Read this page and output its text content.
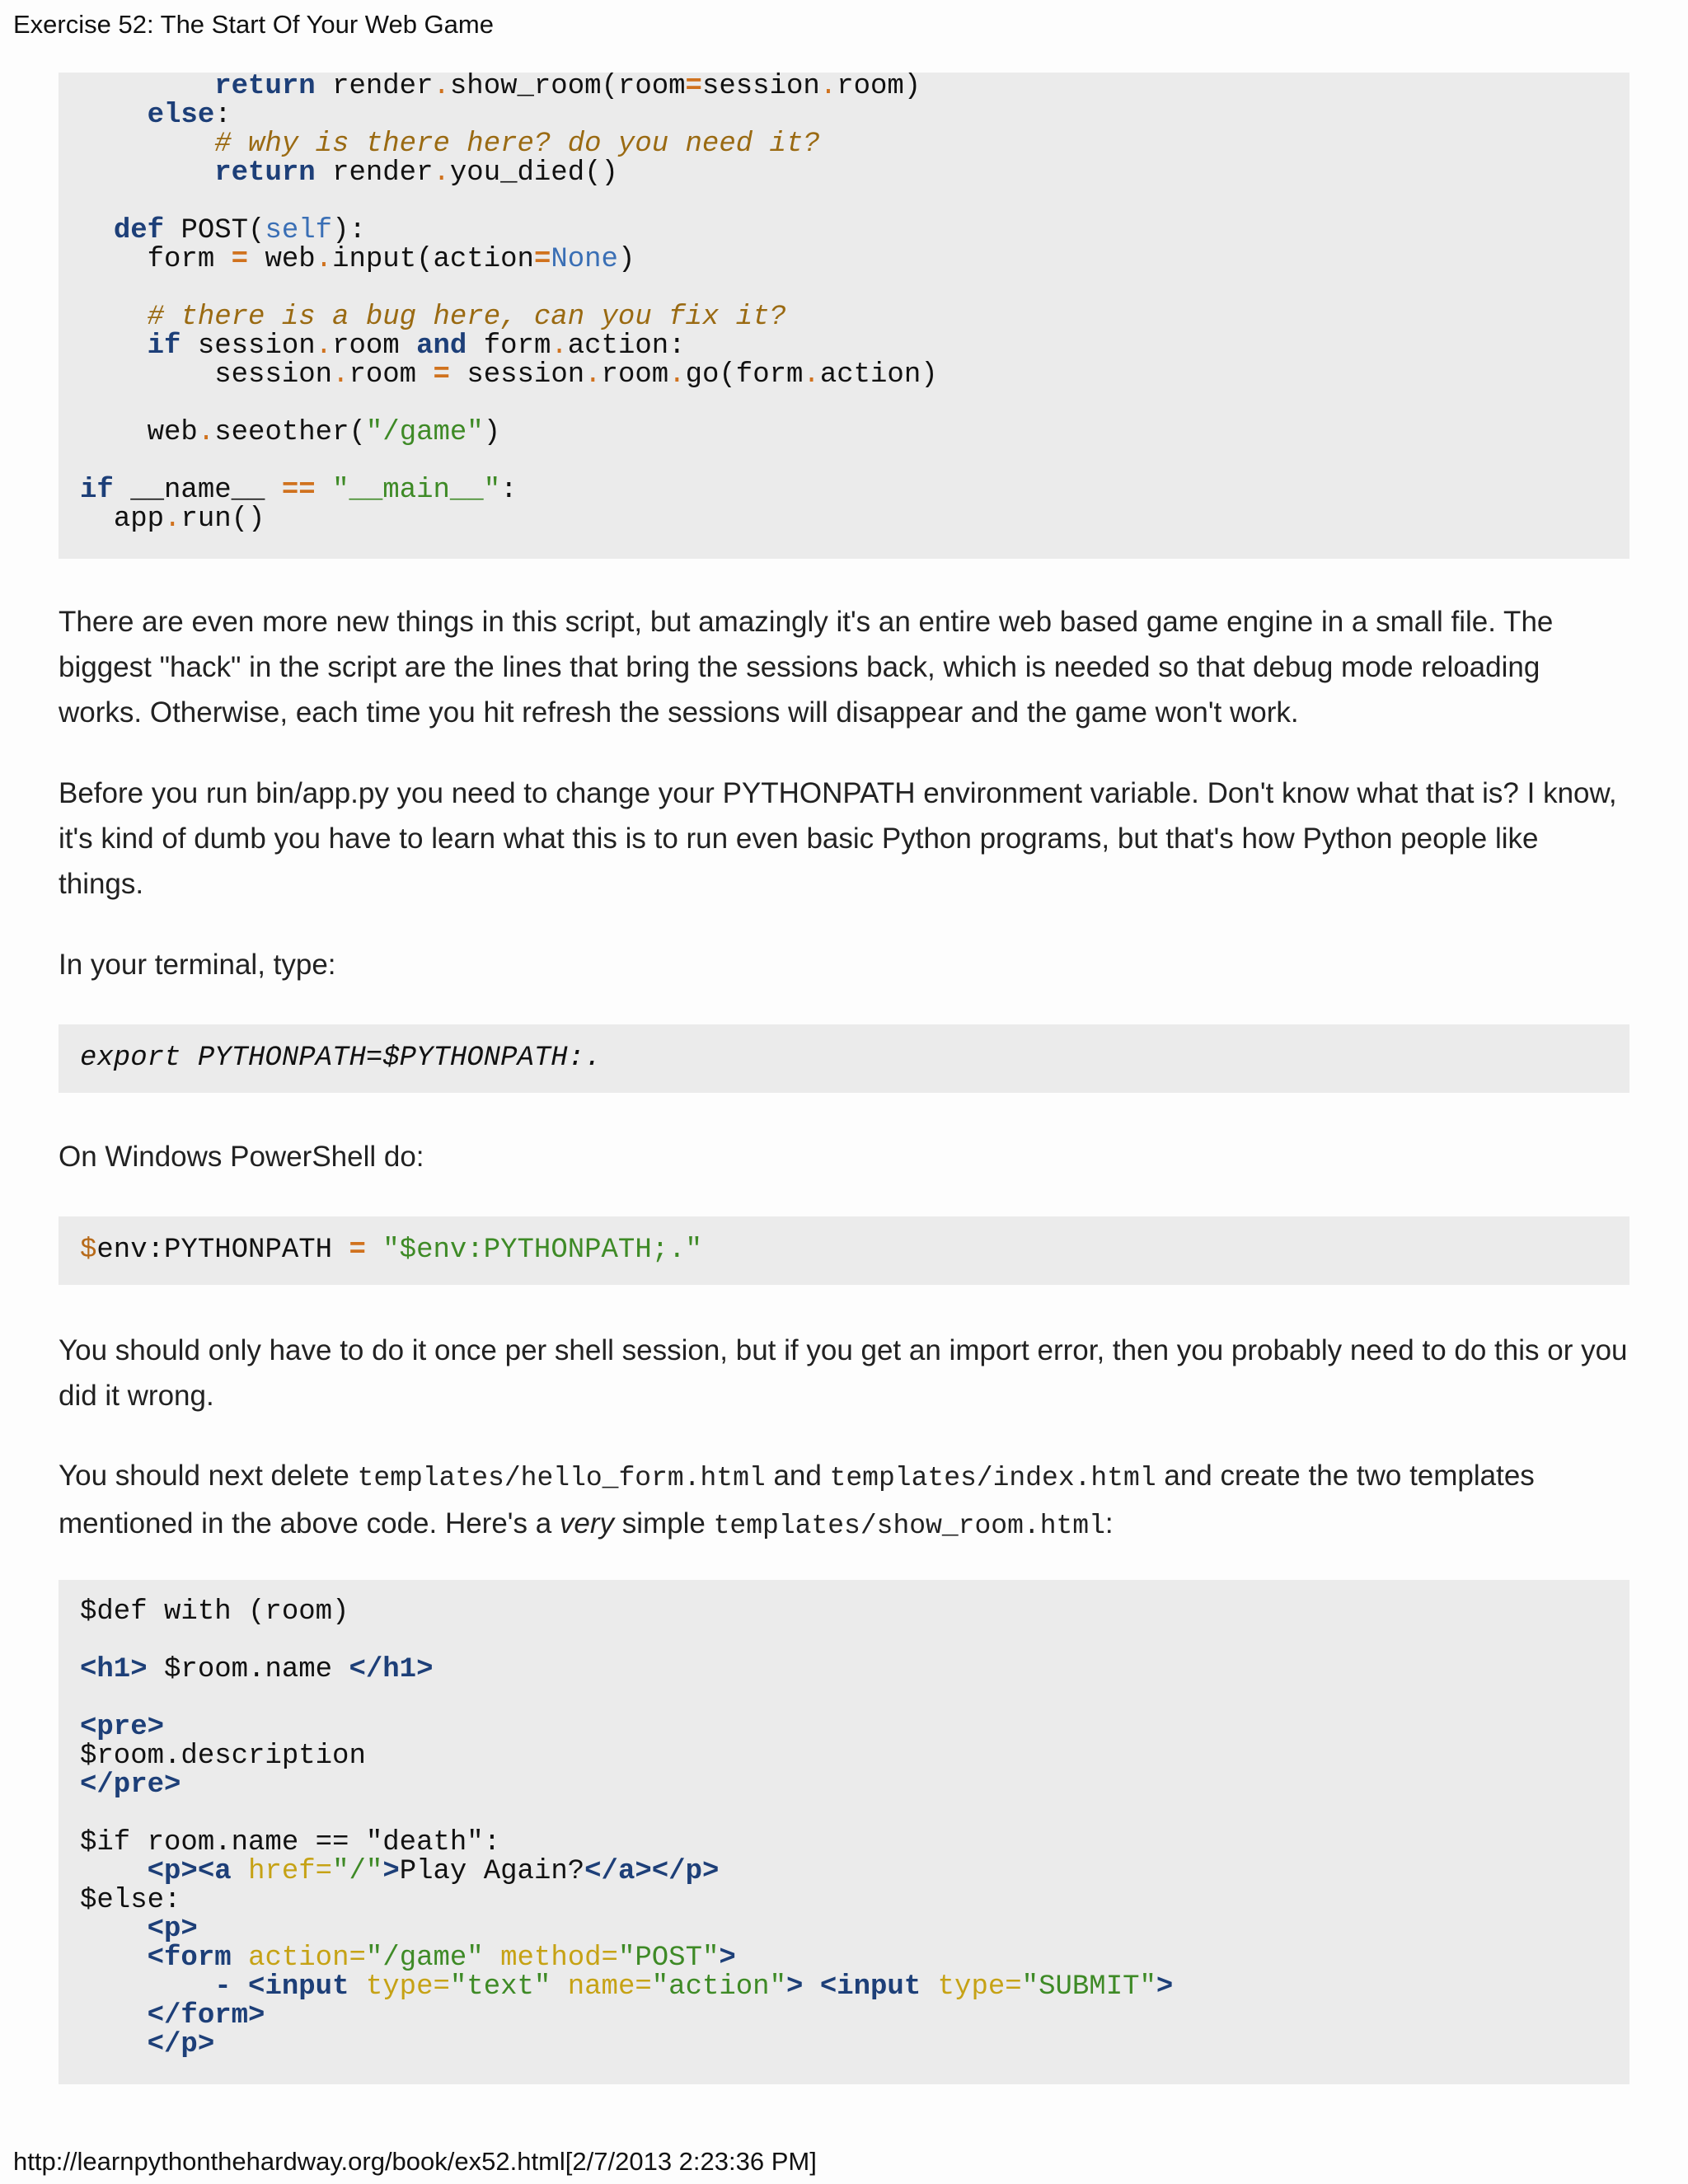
Exercise 52: The Start Of Your Web Game
return render.show_room(room=session.room)
else:
# why is there here? do you need it?
return render.you_died()

def POST(self):
form = web.input(action=None)

# there is a bug here, can you fix it?
if session.room and form.action:
session.room = session.room.go(form.action)

web.seeother("/game")

if __name__ == "__main__":
app.run()
There are even more new things in this script, but amazingly it's an entire web based game engine in a small file. The biggest "hack" in the script are the lines that bring the sessions back, which is needed so that debug mode reloading works. Otherwise, each time you hit refresh the sessions will disappear and the game won't work.
Before you run bin/app.py you need to change your PYTHONPATH environment variable. Don't know what that is? I know, it's kind of dumb you have to learn what this is to run even basic Python programs, but that's how Python people like things.
In your terminal, type:
export PYTHONPATH=$PYTHONPATH:.
On Windows PowerShell do:
$env:PYTHONPATH = "$env:PYTHONPATH;."
You should only have to do it once per shell session, but if you get an import error, then you probably need to do this or you did it wrong.
You should next delete templates/hello_form.html and templates/index.html and create the two templates mentioned in the above code. Here's a very simple templates/show_room.html:
$def with (room)

<h1> $room.name </h1>

<pre>
$room.description
</pre>

$if room.name == "death":
<p><a href="/">Play Again?</a></p>
$else:
<p>
<form action="/game" method="POST">
- <input type="text" name="action"> <input type="SUBMIT">
</form>
</p>
http://learnpythonthehardway.org/book/ex52.html[2/7/2013 2:23:36 PM]
